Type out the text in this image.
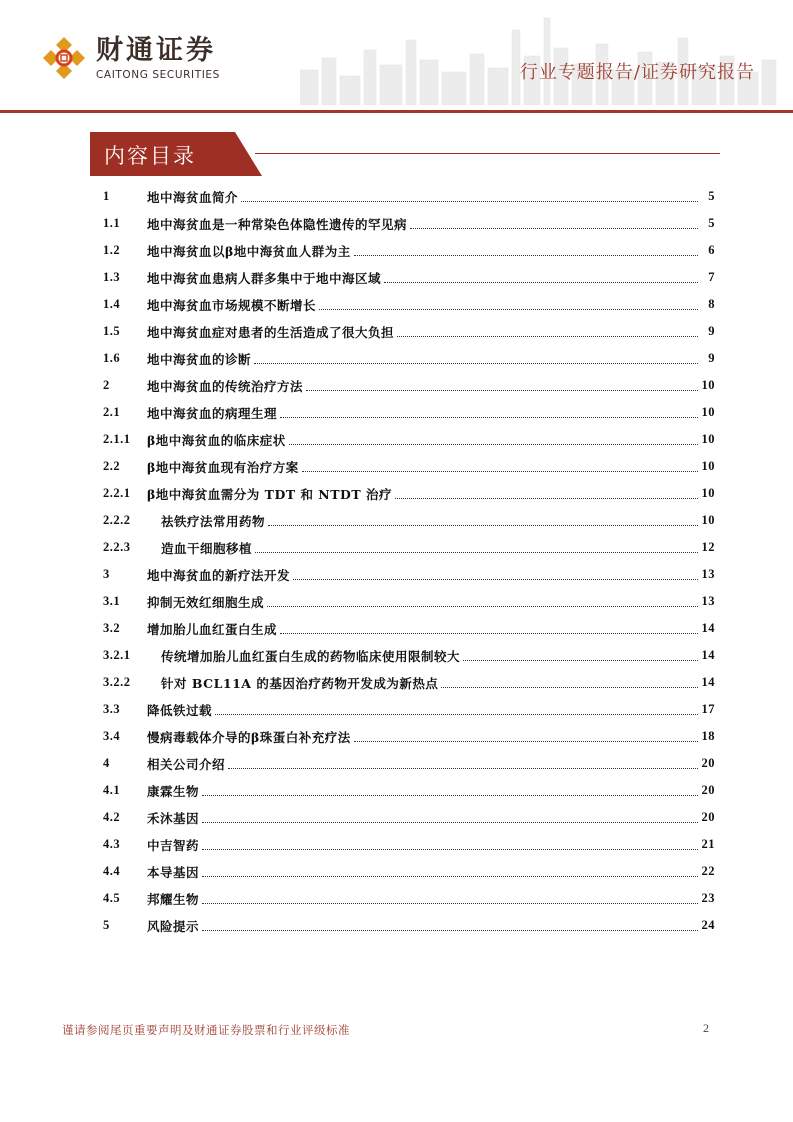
财通证券
CAITONG SECURITIES	行业专题报告/证券研究报告
内容目录
1	地中海贫血简介	5
1.1	地中海贫血是一种常染色体隐性遗传的罕见病	5
1.2	地中海贫血以β地中海贫血人群为主	6
1.3	地中海贫血患病人群多集中于地中海区域	7
1.4	地中海贫血市场规模不断增长	8
1.5	地中海贫血症对患者的生活造成了很大负担	9
1.6	地中海贫血的诊断	9
2	地中海贫血的传统治疗方法	10
2.1	地中海贫血的病理生理	10
2.1.1	β地中海贫血的临床症状	10
2.2	β地中海贫血现有治疗方案	10
2.2.1	β地中海贫血需分为 TDT 和 NTDT 治疗	10
2.2.2	祛铁疗法常用药物	10
2.2.3	造血干细胞移植	12
3	地中海贫血的新疗法开发	13
3.1	抑制无效红细胞生成	13
3.2	增加胎儿血红蛋白生成	14
3.2.1	传统增加胎儿血红蛋白生成的药物临床使用限制较大	14
3.2.2	针对 BCL11A 的基因治疗药物开发成为新热点	14
3.3	降低铁过载	17
3.4	慢病毒载体介导的β珠蛋白补充疗法	18
4	相关公司介绍	20
4.1	康霖生物	20
4.2	禾沐基因	20
4.3	中吉智药	21
4.4	本导基因	22
4.5	邦耀生物	23
5	风险提示	24
谨请参阅尾页重要声明及财通证券股票和行业评级标准	2
